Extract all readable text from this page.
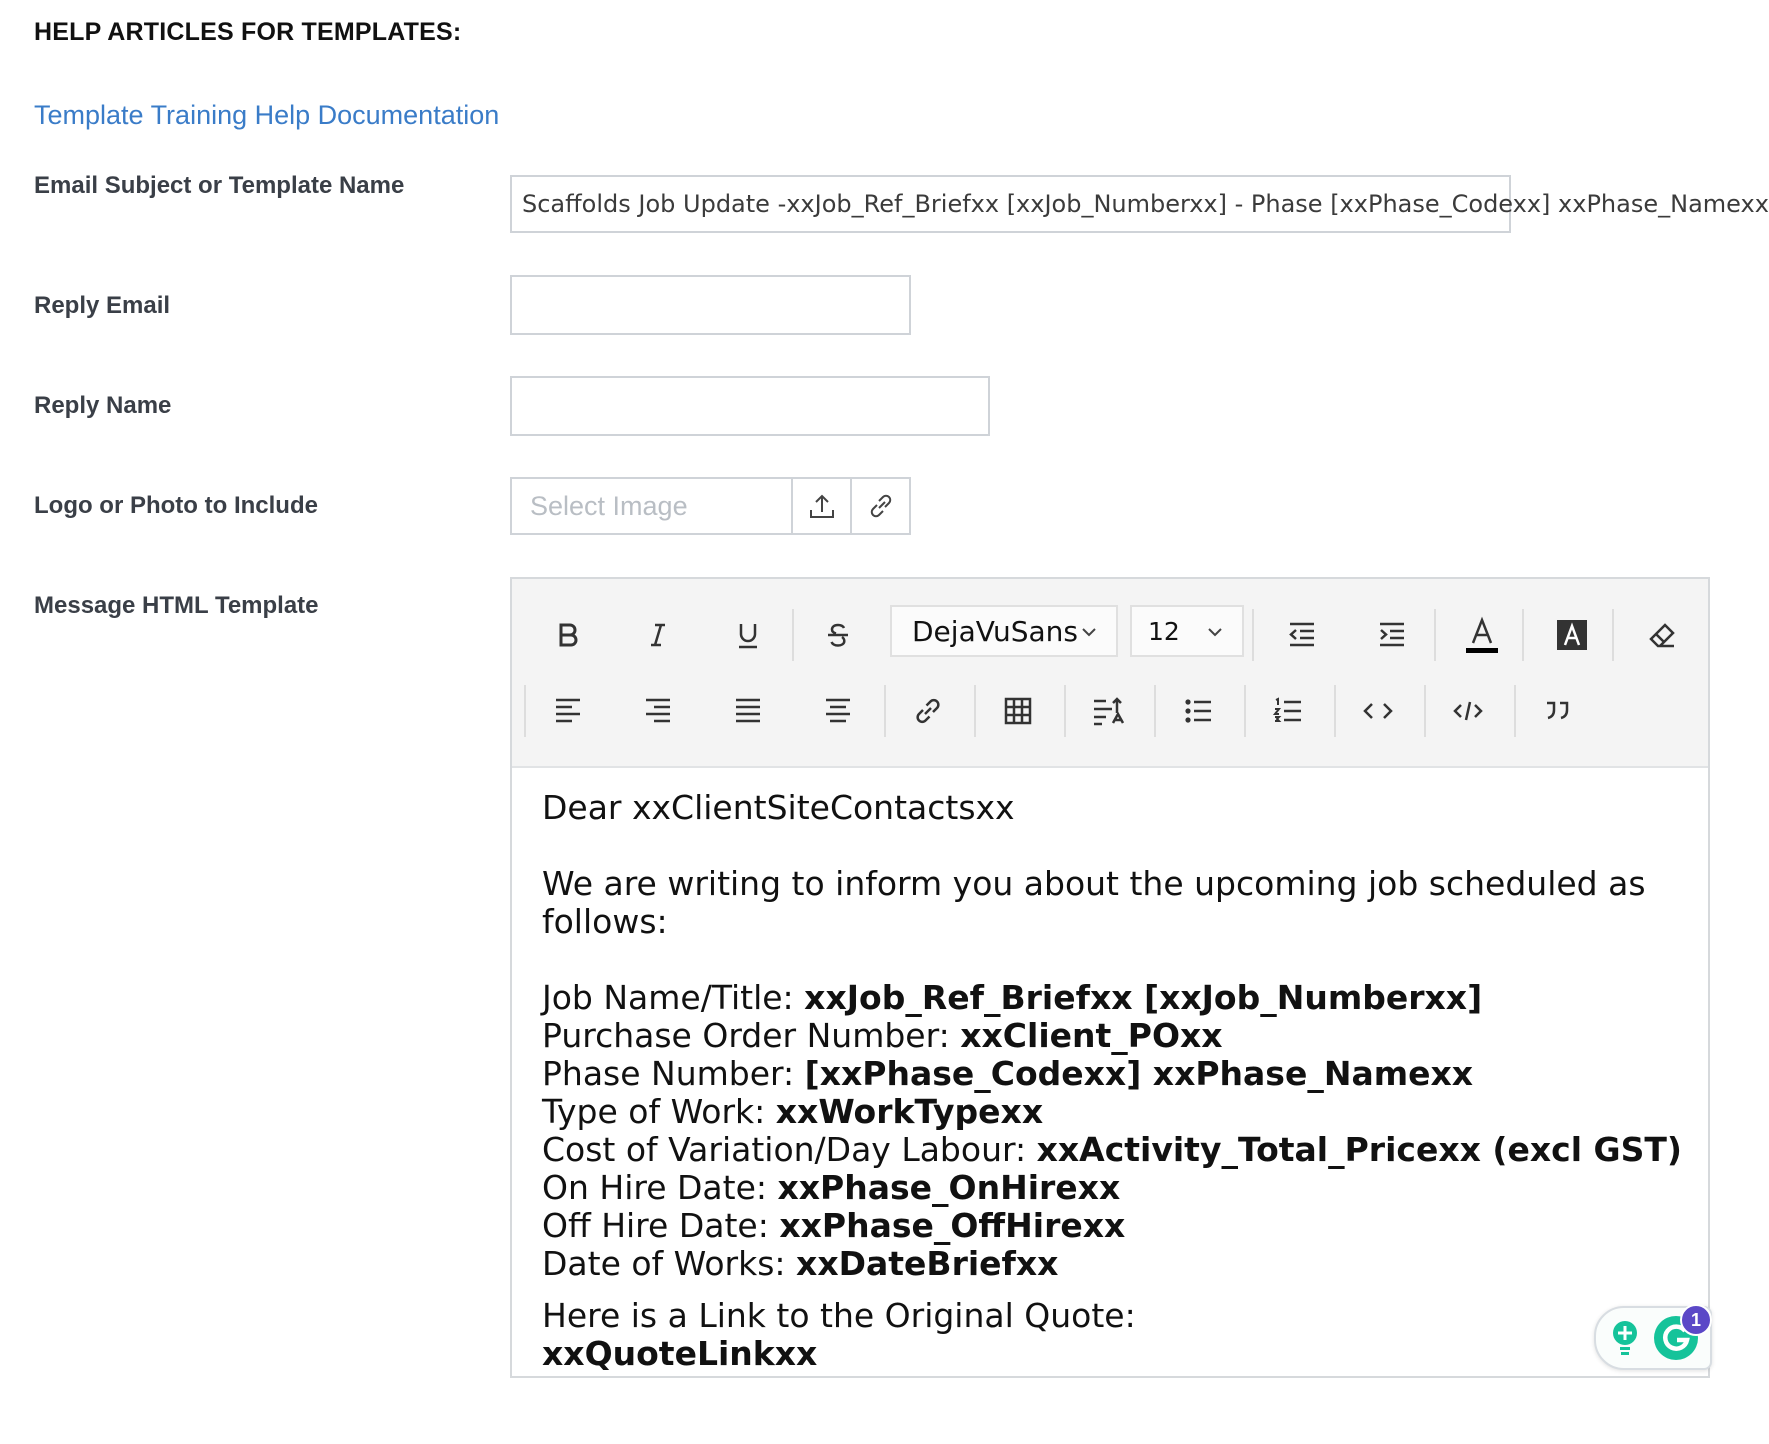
HELP ARTICLES FOR TEMPLATES:
Template Training Help Documentation
Email Subject or Template Name
Scaffolds Job Update -xxJob_Ref_Briefxx [xxJob_Numberxx] - Phase [xxPhase_Codexx] xxPhase_Namexx
Reply Email
Reply Name
Logo or Photo to Include	Select Image
Message HTML Template
DejaVuSans	12

Dear xxClientSiteContactsxx

We are writing to inform you about the upcoming job scheduled as follows:

Job Name/Title: xxJob_Ref_Briefxx [xxJob_Numberxx]

Purchase Order Number: xxClient_POxx

Phase Number: [xxPhase_Codexx] xxPhase_Namexx

Type of Work: xxWorkTypexx

Cost of Variation/Day Labour: xxActivity_Total_Pricexx (excl GST)

On Hire Date: xxPhase_OnHirexx

Off Hire Date: xxPhase_OffHirexx

Date of Works: xxDateBriefxx

Here is a Link to the Original Quote:

xxQuoteLinkxx

1
